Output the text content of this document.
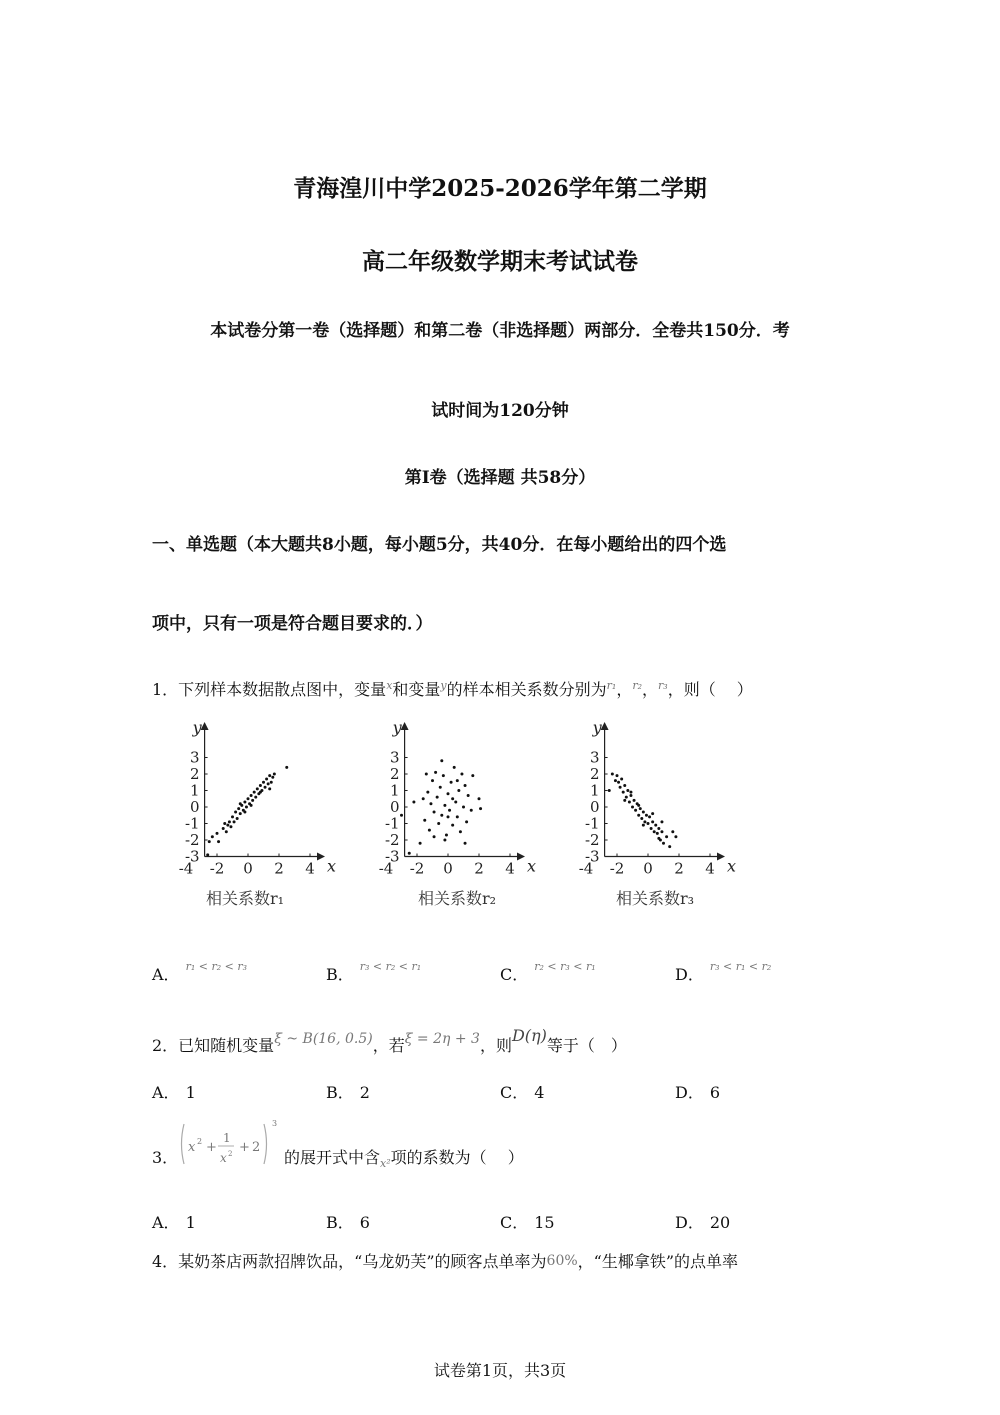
青海湟川中学2025-2026学年第二学期
高二年级数学期末考试试卷
本试卷分第一卷（选择题）和第二卷（非选择题）两部分．全卷共150分．考
试时间为120分钟
第Ⅰ卷（选择题 共58分）
一、单选题（本大题共8小题，每小题5分，共40分．在每小题给出的四个选
项中，只有一项是符合题目要求的．）
1．下列样本数据散点图中，变量$^x$和变量$^y$的样本相关系数分别为$^{r_1}$，$^{r_2}$，$^{r_3}$，则（　 ）
3
2
1
0
-1
-2
-3
-4 -2 0 2 4
y
x
3
2
1
0
-1
-2
-3
-4 -2 0 2 4
y
x
3
2
1
0
-1
-2
-3
-4 -2 0 2 4
y
x
相关系数r₁	相关系数r₂	相关系数r₃
A． $^{r_1 < r_2 < r_3}$	B． $^{r_3 < r_2 < r_1}$	C． $^{r_2 < r_3 < r_1}$	D． $^{r_3 < r_1 < r_2}$
2．已知随机变量ξ ~ B(16, 0.5)，若ξ = 2η + 3，则D(η)等于（　）
A． 1	B． 2	C． 4	D． 6
3．
x 2 +
1
x 2 + 2
3
的展开式中含$_{x^2}$项的系数为（　 ）
A． 1	B． 6	C． 15	D． 20
4．某奶茶店两款招牌饮品，“乌龙奶芙”的顾客点单率为60%，“生椰拿铁”的点单率
试卷第1页，共3页
